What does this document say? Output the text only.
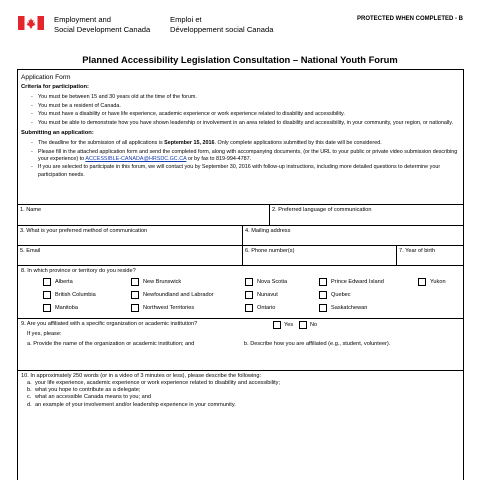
Employment and
Social Development Canada
Emploi et
Développement social Canada
PROTECTED WHEN COMPLETED - B
Planned Accessibility Legislation Consultation – National Youth Forum
Application Form
Criteria for participation:
- You must be between 15 and 30 years old at the time of the forum.
- You must be a resident of Canada.
- You must have a disability or have life experience, academic experience or work experience related to disability and accessibility.
- You must be able to demonstrate how you have shown leadership or involvement in an area related to disability and accessibility, in your community, your region, or nationally.
Submitting an application:
- The deadline for the submission of all applications is September 15, 2016. Only complete applications submitted by this date will be considered.
- Please fill in the attached application form and send the completed form, along with accompanying documents, (or the URL to your public or private video submission describing your experience) to ACCESSIBLE-CANADA@HRSDC.GC.CA or by fax to 819-994-4787.
- If you are selected to participate in this forum, we will contact you by September 30, 2016 with follow-up instructions, including more detailed questions to determine your participation needs.
1. Name	2. Preferred language of communication
3. What is your preferred method of communication	4. Mailing address
5. Email	6. Phone number(s)	7. Year of birth
8. In which province or territory do you reside?
Alberta	New Brunswick	Nova Scotia	Prince Edward Island	Yukon
British Columbia	Newfoundland and Labrador	Nunavut	Quebec
Manitoba	Northwest Territories	Ontario	Saskatchewan
9. Are you affiliated with a specific organization or academic institution?	Yes	No
If yes, please:
a. Provide the name of the organization or academic institution; and	b. Describe how you are affiliated (e.g., student, volunteer).
10. In approximately 250 words (or in a video of 3 minutes or less), please describe the following:
a. your life experience, academic experience or work experience related to disability and accessibility;
b. what you hope to contribute as a delegate;
c. what an accessible Canada means to you; and
d. an example of your involvement and/or leadership experience in your community.
